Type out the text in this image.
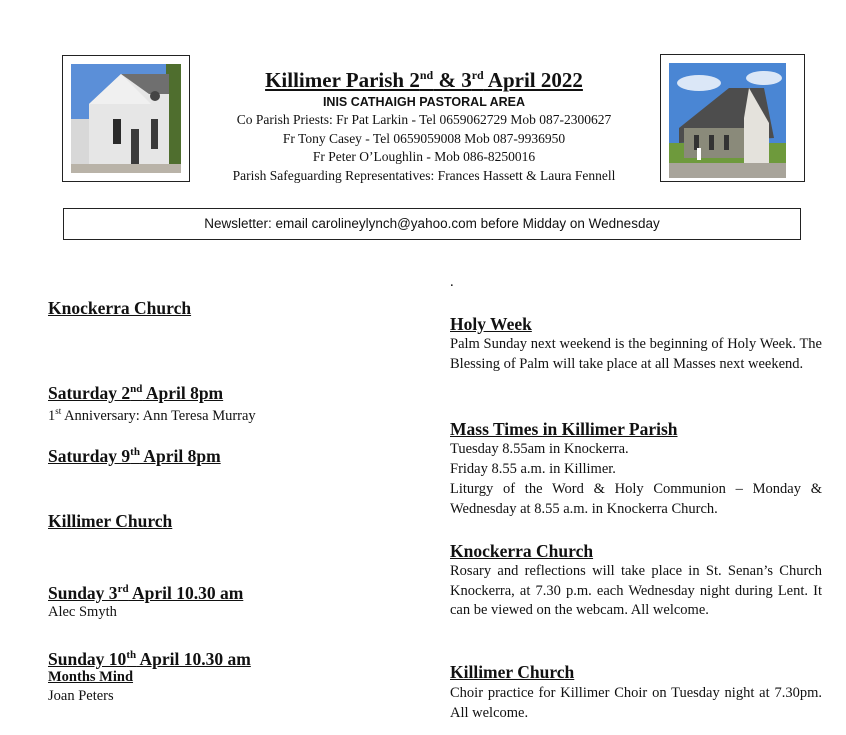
Killimer Parish 2nd & 3rd April 2022
INIS CATHAIGH PASTORAL AREA
Co Parish Priests: Fr Pat Larkin - Tel 0659062729 Mob 087-2300627
Fr Tony Casey - Tel 0659059008 Mob 087-9936950
Fr Peter O’Loughlin - Mob 086-8250016
Parish Safeguarding Representatives: Frances Hassett & Laura Fennell
Newsletter: email carolineylynch@yahoo.com before Midday on Wednesday
Knockerra Church
Saturday 2nd April 8pm
1st Anniversary: Ann Teresa Murray
Saturday 9th April 8pm
Killimer Church
Sunday 3rd April 10.30 am
Alec Smyth
Sunday 10th April 10.30 am
Months Mind
Joan Peters
.
Holy Week
Palm Sunday next weekend is the beginning of Holy Week. The Blessing of Palm will take place at all Masses next weekend.
Mass Times in Killimer Parish
Tuesday 8.55am in Knockerra.
Friday 8.55 a.m. in Killimer.
Liturgy of the Word & Holy Communion – Monday & Wednesday at 8.55 a.m. in Knockerra Church.
Knockerra Church
Rosary and reflections will take place in St. Senan’s Church Knockerra, at 7.30 p.m. each Wednesday night during Lent. It can be viewed on the webcam. All welcome.
Killimer Church
Choir practice for Killimer Choir on Tuesday night at 7.30pm. All welcome.
